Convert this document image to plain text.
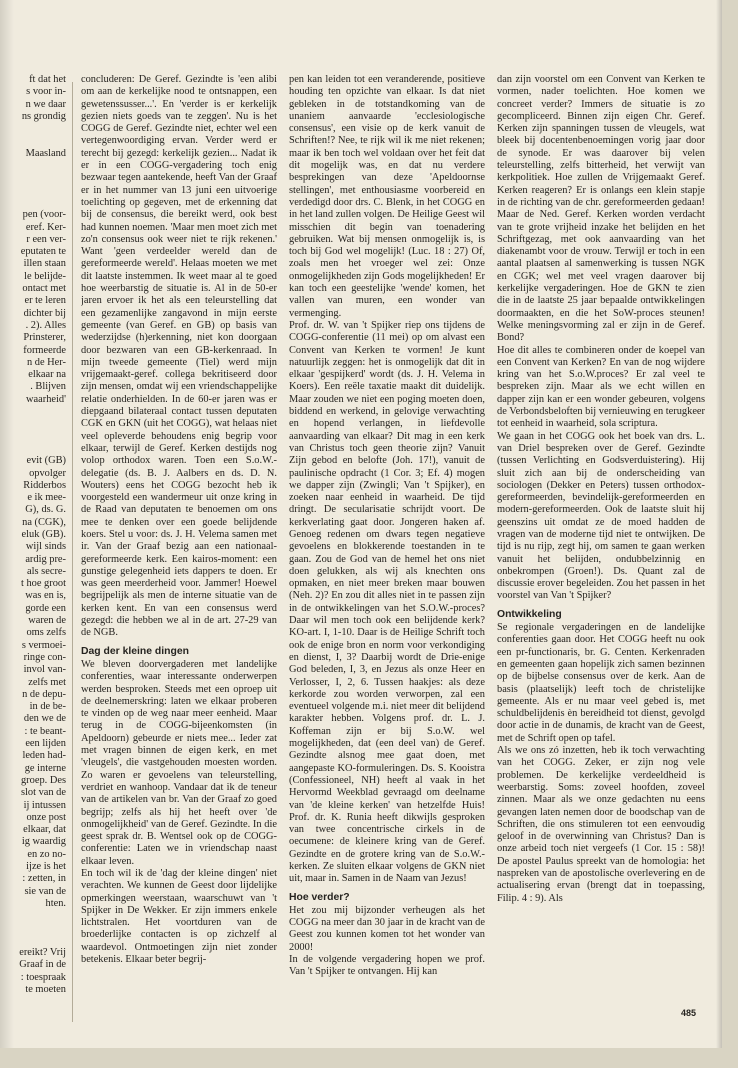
ft dat het

s voor in-

n we daar

ns grondig

Maasland

pen (voor-

eref. Ker-

r een ver-

eputaten te

illen staan

le belijde-

ontact met

er te leren

dichter bij

. 2). Alles

Prinsterer,

formeerde

n de Her-

elkaar na

. Blijven

waarheid'

evit (GB)

opvolger

Ridderbos

e ik mee-

G), ds. G.

na (CGK),

eluk (GB).

wijl sinds

ardig pre-

als secre-

t hoe groot

was en is,

gorde een

waren de

oms zelfs

s vermoei-

ringe con-

invol van-

zelfs met

n de depu-

in de be-

den we de

: te beant-

een lijden

leden had-

ge interne

groep. Des

slot van de

ij intussen

onze post

elkaar, dat

ig waardig

en zo no-

ijze is het

: zetten, in

sie van de

hten.

ereikt? Vrij

Graaf in de

: toespraak

te moeten

concluderen: De Geref. Gezindte is 'een alibi om aan de kerkelijke nood te ontsnappen, een gewetenssusser...'. En 'verder is er kerkelijk gezien niets goeds van te zeggen'. Nu is het COGG de Geref. Gezindte niet, echter wel een vertegenwoordiging ervan. Verder werd er terecht bij gezegd: kerkelijk gezien... Nadat ik er in een COGG-vergadering toch enig bezwaar tegen aantekende, heeft Van der Graaf er in het nummer van 13 juni een uitvoerige toelichting op gegeven, met de erkenning dat bij de consensus, die bereikt werd, ook best had kunnen noemen. 'Maar men moet zich met zo'n consensus ook weer niet te rijk rekenen.' Want 'geen verdeelder wereld dan de gereformeerde wereld'. Helaas moeten we met dit laatste instemmen. Ik weet maar al te goed hoe weerbarstig de situatie is. Al in de 50-er jaren ervoer ik het als een teleurstelling dat een gezamenlijke zangavond in mijn eerste gemeente (van Geref. en GB) op basis van wederzijdse (h)erkenning, niet kon doorgaan door bezwaren van een GB-kerkenraad. In mijn tweede gemeente (Tiel) werd mijn vrijgemaakt-geref. collega bekritiseerd door zijn mensen, omdat wij een vriendschappelijke relatie onderhielden. In de 60-er jaren was er diepgaand bilateraal contact tussen deputaten CGK en GKN (uit het COGG), wat helaas niet veel opleverde behoudens enig begrip voor elkaar, terwijl de Geref. Kerken destijds nog volop orthodox waren. Toen een S.o.W.-delegatie (ds. B. J. Aalbers en ds. D. N. Wouters) eens het COGG bezocht heb ik voorgesteld een wandermeur uit onze kring in de Raad van deputaten te benoemen om ons mee te denken over een goede belijdende koers. Stel u voor: ds. J. H. Velema samen met ir. Van der Graaf bezig aan een nationaal-gereformeerde kerk. Een kairos-moment: een gunstige gelegenheid iets dappers te doen. Er was geen meerderheid voor. Jammer! Hoewel begrijpelijk als men de interne situatie van de kerken kent. En van een consensus werd gezegd: die hebben we al in de art. 27-29 van de NGB.

Dag der kleine dingen

We bleven doorvergaderen met landelijke conferenties, waar interessante onderwerpen werden besproken. Steeds met een oproep uit de deelnemerskring: laten we elkaar proberen te vinden op de weg naar meer eenheid. Maar terug in de COGG-bijeenkomsten (in Apeldoorn) gebeurde er niets mee... Ieder zat met vragen binnen de eigen kerk, en met 'vleugels', die vastgehouden moesten worden. Zo waren er gevoelens van teleurstelling, verdriet en wanhoop. Vandaar dat ik de teneur van de artikelen van br. Van der Graaf zo goed begrijp; zelfs als hij het heeft over 'de onmogelijkheid' van de Geref. Gezindte. In die geest sprak dr. B. Wentsel ook op de COGG-conferentie: Laten we in vriendschap naast elkaar leven.

En toch wil ik de 'dag der kleine dingen' niet verachten. We kunnen de Geest door lijdelijke opmerkingen weerstaan, waarschuwt van 't Spijker in De Wekker. Er zijn immers enkele lichtstralen. Het voortduren van de broederlijke contacten is op zichzelf al waardevol. Ontmoetingen zijn niet zonder betekenis. Elkaar beter begrij-

pen kan leiden tot een veranderende, positieve houding ten opzichte van elkaar. Is dat niet gebleken in de totstandkoming van de unaniem aanvaarde 'ecclesiologische consensus', een visie op de kerk vanuit de Schriften!? Nee, te rijk wil ik me niet rekenen; maar ik ben toch wel voldaan over het feit dat dit mogelijk was, en dat nu verdere besprekingen van deze 'Apeldoornse stellingen', met enthousiasme voorbereid en verdedigd door drs. C. Blenk, in het COGG en in het land zullen volgen. De Heilige Geest wil misschien dit begin van toenadering gebruiken. Wat bij mensen onmogelijk is, is toch bij God wel mogelijk! (Luc. 18 : 27) Of, zoals men het vroeger wel zei: Onze onmogelijkheden zijn Gods mogelijkheden! Er kan toch een geestelijke 'wende' komen, het vallen van muren, een wonder van vermenging.

Prof. dr. W. van 't Spijker riep ons tijdens de COGG-conferentie (11 mei) op om alvast een Convent van Kerken te vormen! Je kunt natuurlijk zeggen: het is onmogelijk dat dit in elkaar 'gespijkerd' wordt (ds. J. H. Velema in Koers). Een reële taxatie maakt dit duidelijk. Maar zouden we niet een poging moeten doen, biddend en werkend, in gelovige verwachting en hopend verlangen, in liefdevolle aanvaarding van elkaar? Dit mag in een kerk van Christus toch geen theorie zijn? Vanuit Zijn gebod en belofte (Joh. 17!), vanuit de paulinische opdracht (1 Cor. 3; Ef. 4) mogen we dapper zijn (Zwingli; Van 't Spijker), en zoeken naar eenheid in waarheid. De tijd dringt. De secularisatie schrijdt voort. De kerkverlating gaat door. Jongeren haken af. Genoeg redenen om dwars tegen negatieve gevoelens en blokkerende toestanden in te gaan. Zou de God van de hemel het ons niet doen gelukken, als wij als knechten ons opmaken, en niet meer breken maar bouwen (Neh. 2)? En zou dit alles niet in te passen zijn in de ontwikkelingen van het S.O.W.-proces? Daar wil men toch ook een belijdende kerk? KO-art. I, 1-10. Daar is de Heilige Schrift toch ook de enige bron en norm voor verkondiging en dienst, I, 3? Daarbij wordt de Drie-enige God beleden, I, 3, en Jezus als onze Heer en Verlosser, I, 2, 6. Tussen haakjes: als deze kerkorde zou worden verworpen, zal een eventueel volgende m.i. niet meer dit belijdend karakter hebben. Volgens prof. dr. L. J. Koffeman zijn er bij S.o.W. wel mogelijkheden, dat (een deel van) de Geref. Gezindte alsnog mee gaat doen, met aangepaste KO-formuleringen. Ds. S. Kooistra (Confessioneel, NH) heeft al vaak in het Hervormd Weekblad gevraagd om deelname van 'de kleine kerken' van hetzelfde Huis! Prof. dr. K. Runia heeft dikwijls gesproken van twee concentrische cirkels in de oecumene: de kleinere kring van de Geref. Gezindte en de grotere kring van de S.o.W.-kerken. Ze sluiten elkaar volgens de GKN niet uit, maar in. Samen in de Naam van Jezus!

Hoe verder?

Het zou mij bijzonder verheugen als het COGG na meer dan 30 jaar in de kracht van de Geest zou kunnen komen tot het wonder van 2000!

In de volgende vergadering hopen we prof. Van 't Spijker te ontvangen. Hij kan

dan zijn voorstel om een Convent van Kerken te vormen, nader toelichten. Hoe komen we concreet verder? Immers de situatie is zo gecompliceerd. Binnen zijn eigen Chr. Geref. Kerken zijn spanningen tussen de vleugels, wat bleek bij docentenbenoemingen vorig jaar door de synode. Er was daarover bij velen teleurstelling, zelfs bitterheid, het verwijt van kerkpolitiek. Hoe zullen de Vrijgemaakt Geref. Kerken reageren? Er is onlangs een klein stapje in de richting van de chr. gereformeerden gedaan! Maar de Ned. Geref. Kerken worden verdacht van te grote vrijheid inzake het belijden en het Schriftgezag, met ook aanvaarding van het diakenambt voor de vrouw. Terwijl er toch in een aantal plaatsen al samenwerking is tussen NGK en CGK; wel met veel vragen daarover bij kerkelijke vergaderingen. Hoe de GKN te zien die in de laatste 25 jaar bepaalde ontwikkelingen doormaakten, en die het SoW-proces steunen! Welke meningsvorming zal er zijn in de Geref. Bond?

Hoe dit alles te combineren onder de koepel van een Convent van Kerken? En van de nog wijdere kring van het S.o.W.proces? Er zal veel te bespreken zijn. Maar als we echt willen en dapper zijn kan er een wonder gebeuren, volgens de Verbondsbeloften bij vernieuwing en terugkeer tot eenheid in waarheid, sola scriptura.

We gaan in het COGG ook het boek van drs. L. van Driel bespreken over de Geref. Gezindte (tussen Verlichting en Godsverduistering). Hij sluit zich aan bij de onderscheiding van sociologen (Dekker en Peters) tussen orthodox-gereformeerden, bevindelijk-gereformeerden en modern-gereformeerden. Ook de laatste sluit hij geenszins uit omdat ze de moed hadden de vragen van de moderne tijd niet te ontwijken. De tijd is nu rijp, zegt hij, om samen te gaan werken vanuit het belijden, ondubbelzinnig en onbekrompen (Groen!). Ds. Quant zal de discussie erover begeleiden. Zou het passen in het voorstel van Van 't Spijker?

Ontwikkeling

Se regionale vergaderingen en de landelijke conferenties gaan door. Het COGG heeft nu ook een pr-functionaris, br. G. Centen. Kerkenraden en gemeenten gaan hopelijk zich samen bezinnen op de bijbelse consensus over de kerk. Aan de basis (plaatselijk) leeft toch de christelijke gemeente. Als er nu maar veel gebed is, met schuldbelijdenis èn bereidheid tot dienst, gevolgd door actie in de dunamis, de kracht van de Geest, met de Schrift open op tafel.

Als we ons zó inzetten, heb ik toch verwachting van het COGG. Zeker, er zijn nog vele problemen. De kerkelijke verdeeldheid is weerbarstig. Soms: zoveel hoofden, zoveel zinnen. Maar als we onze gedachten nu eens gevangen laten nemen door de boodschap van de Schriften, die ons stimuleren tot een eenvoudig geloof in de overwinning van Christus? Dan is onze arbeid toch niet vergeefs (1 Cor. 15 : 58)! De apostel Paulus spreekt van de homologia: het naspreken van de apostolische overlevering en de actualisering ervan (brengt dat in toepassing, Filip. 4 : 9). Als

485
